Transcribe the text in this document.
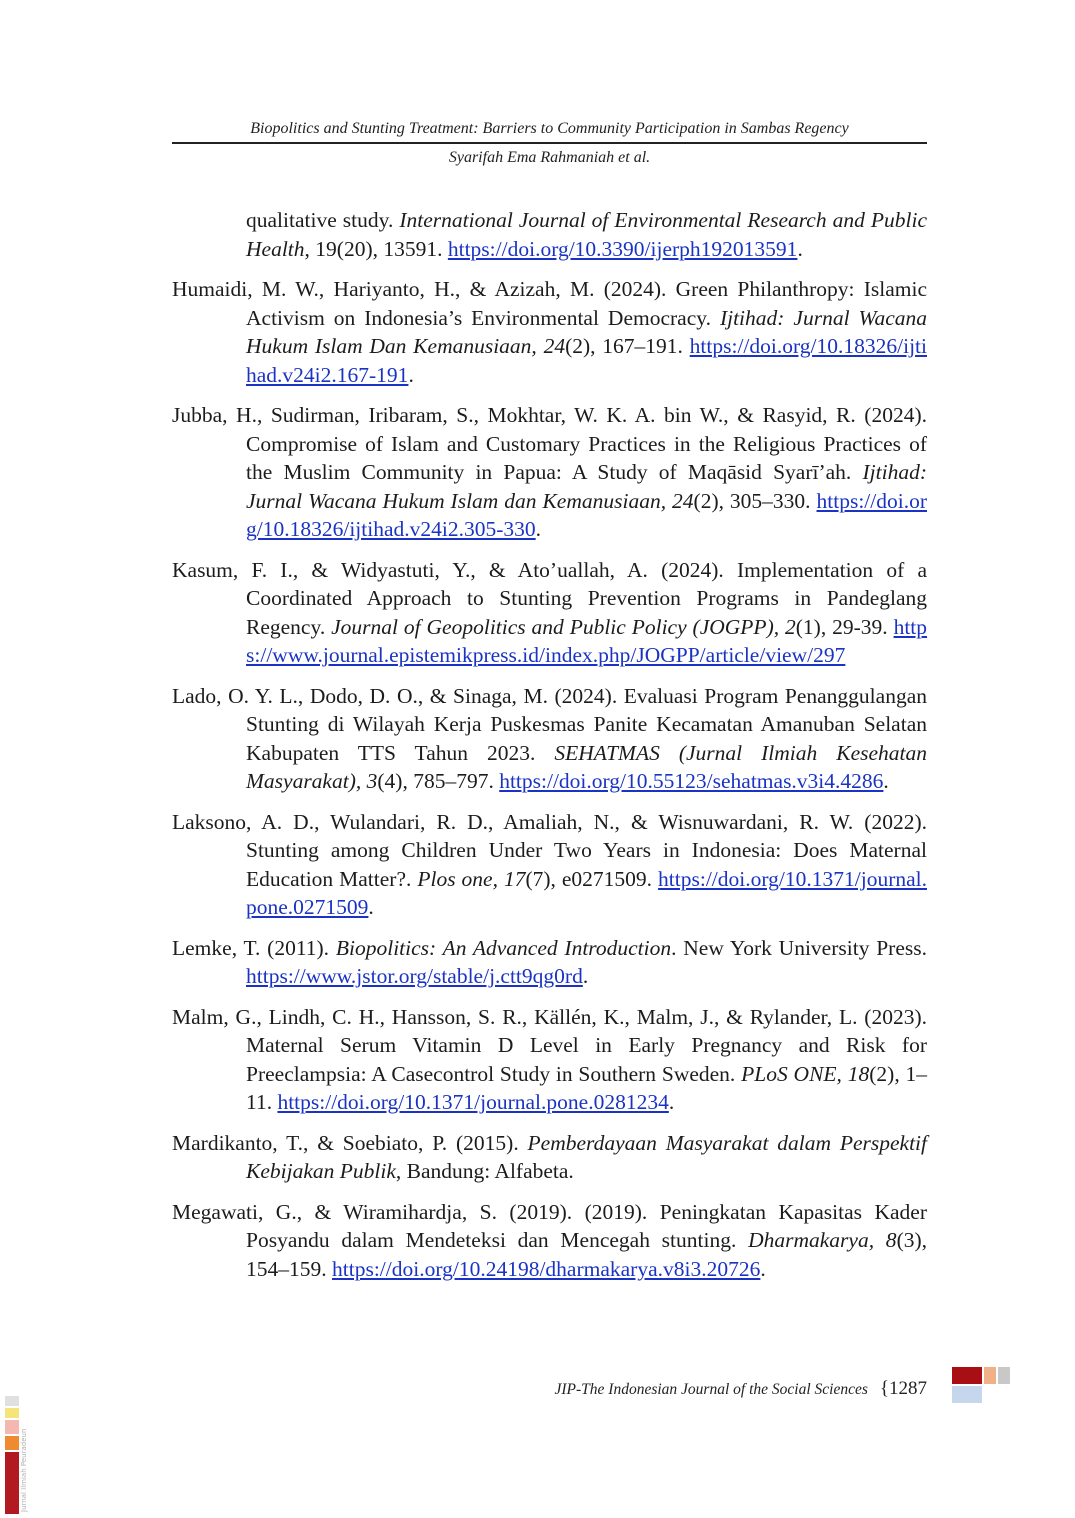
Biopolitics and Stunting Treatment: Barriers to Community Participation in Sambas Regency
Syarifah Ema Rahmaniah et al.

qualitative study. International Journal of Environmental Research and Public Health, 19(20), 13591. https://doi.org/10.3390/ijerph192013591.

Humaidi, M. W., Hariyanto, H., & Azizah, M. (2024). Green Philanthropy: Islamic Activism on Indonesia’s Environmental Democracy. Ijtihad: Jurnal Wacana Hukum Islam Dan Kemanusiaan, 24(2), 167–191. https://doi.org/10.18326/ijtihad.v24i2.167-191.

Jubba, H., Sudirman, Iribaram, S., Mokhtar, W. K. A. bin W., & Rasyid, R. (2024). Compromise of Islam and Customary Practices in the Religious Practices of the Muslim Community in Papua: A Study of Maqāsid Syarī’ah. Ijtihad: Jurnal Wacana Hukum Islam dan Kemanusiaan, 24(2), 305–330. https://doi.org/10.18326/ijtihad.v24i2.305-330.

Kasum, F. I., & Widyastuti, Y., & Ato’uallah, A. (2024). Implementation of a Coordinated Approach to Stunting Prevention Programs in Pandeglang Regency. Journal of Geopolitics and Public Policy (JOGPP), 2(1), 29-39. https://www.journal.epistemikpress.id/index.php/JOGPP/article/view/297

Lado, O. Y. L., Dodo, D. O., & Sinaga, M. (2024). Evaluasi Program Penanggulangan Stunting di Wilayah Kerja Puskesmas Panite Kecamatan Amanuban Selatan Kabupaten TTS Tahun 2023. SEHATMAS (Jurnal Ilmiah Kesehatan Masyarakat), 3(4), 785–797. https://doi.org/10.55123/sehatmas.v3i4.4286.

Laksono, A. D., Wulandari, R. D., Amaliah, N., & Wisnuwardani, R. W. (2022). Stunting among Children Under Two Years in Indonesia: Does Maternal Education Matter?. Plos one, 17(7), e0271509. https://doi.org/10.1371/journal.pone.0271509.

Lemke, T. (2011). Biopolitics: An Advanced Introduction. New York University Press. https://www.jstor.org/stable/j.ctt9qg0rd.

Malm, G., Lindh, C. H., Hansson, S. R., Källén, K., Malm, J., & Rylander, L. (2023). Maternal Serum Vitamin D Level in Early Pregnancy and Risk for Preeclampsia: A Casecontrol Study in Southern Sweden. PLoS ONE, 18(2), 1–11. https://doi.org/10.1371/journal.pone.0281234.

Mardikanto, T., & Soebiato, P. (2015). Pemberdayaan Masyarakat dalam Perspektif Kebijakan Publik, Bandung: Alfabeta.

Megawati, G., & Wiramihardja, S. (2019). (2019). Peningkatan Kapasitas Kader Posyandu dalam Mendeteksi dan Mencegah stunting. Dharmakarya, 8(3), 154–159. https://doi.org/10.24198/dharmakarya.v8i3.20726.

JIP-The Indonesian Journal of the Social Sciences {1287
Jurnal Ilmiah Peuradeun
